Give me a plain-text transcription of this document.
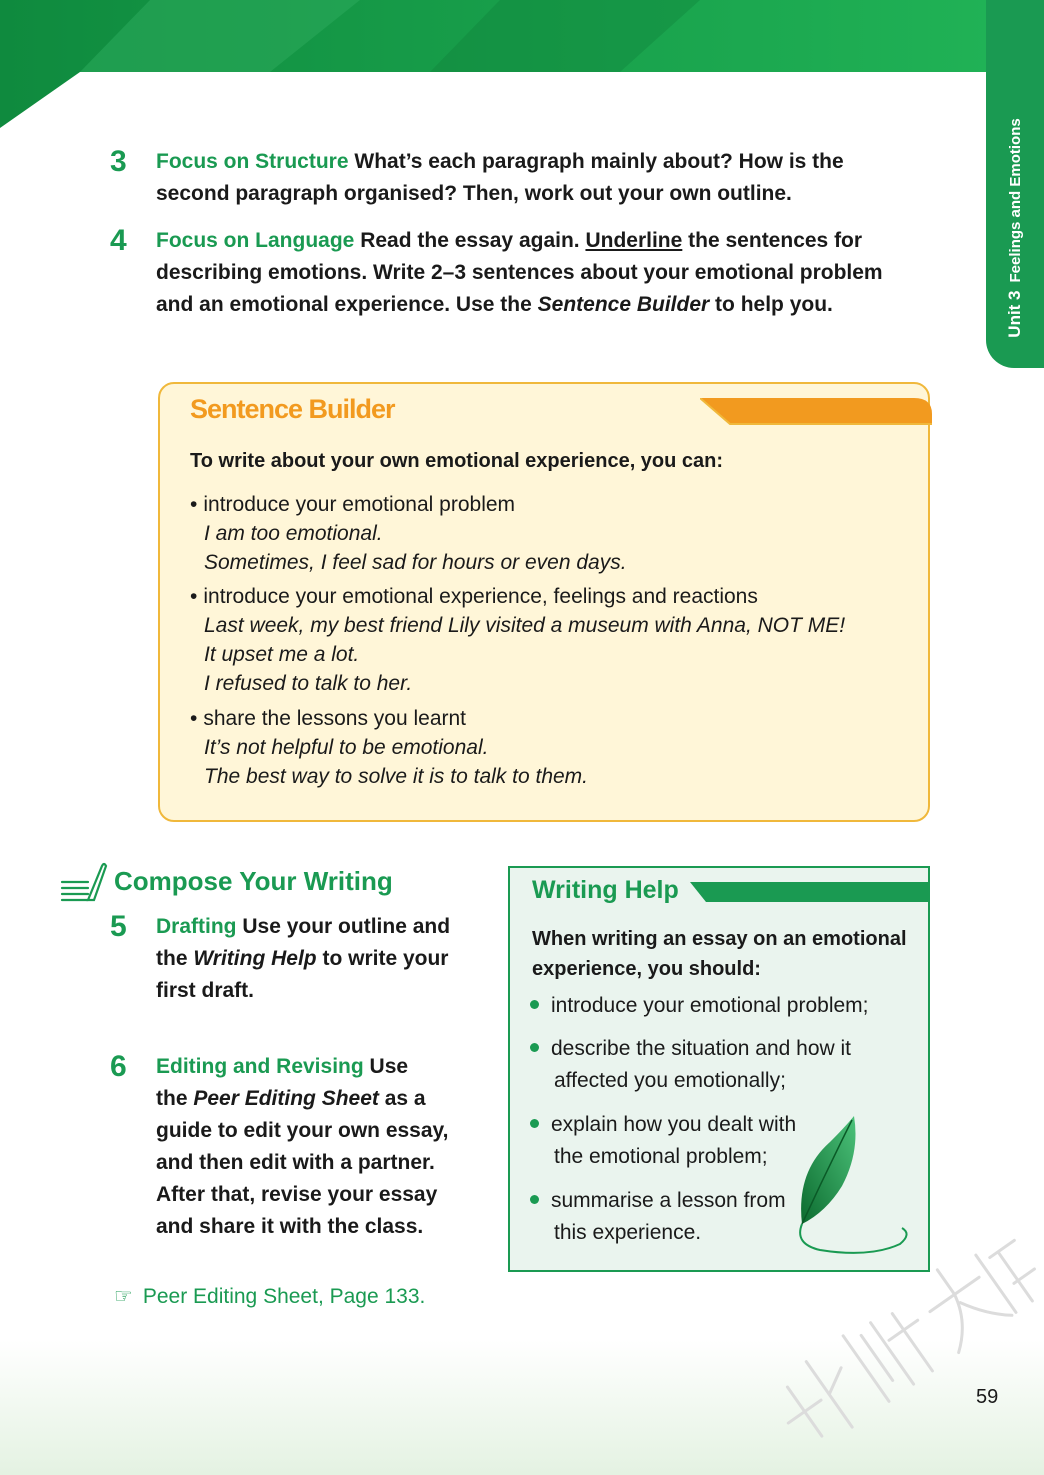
Unit 3Feelings and Emotions
3	Focus on Structure What’s each paragraph mainly about? How is the
second paragraph organised? Then, work out your own outline.
4	Focus on Language Read the essay again. Underline the sentences for
describing emotions. Write 2–3 sentences about your emotional problem
and an emotional experience. Use the Sentence Builder to help you.
Sentence Builder
To write about your own emotional experience, you can:
• introduce your emotional problem
I am too emotional.
Sometimes, I feel sad for hours or even days.
• introduce your emotional experience, feelings and reactions
Last week, my best friend Lily visited a museum with Anna, NOT ME!
It upset me a lot.
I refused to talk to her.
• share the lessons you learnt
It’s not helpful to be emotional.
The best way to solve it is to talk to them.
Compose Your Writing
5 Drafting Use your outline and
the Writing Help to write your
first draft.
6 Editing and Revising Use
the Peer Editing Sheet as a
guide to edit your own essay,
and then edit with a partner.
After that, revise your essay
and share it with the class.
☞ Peer Editing Sheet, Page 133.
Writing Help
When writing an essay on an emotional experience, you should:
introduce your emotional problem;
describe the situation and how it
affected you emotionally;
explain how you dealt with
the emotional problem;
summarise a lesson from
this experience.
59
